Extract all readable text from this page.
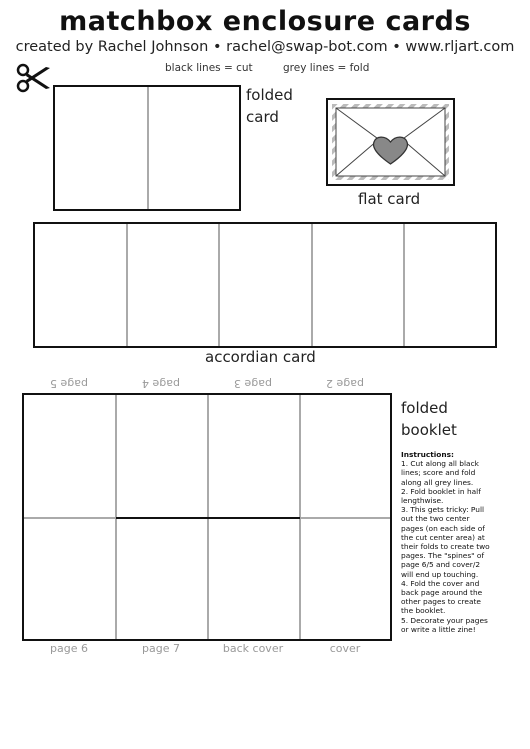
matchbox enclosure cards
created by Rachel Johnson • rachel@swap-bot.com • www.rljart.com
black lines = cut	grey lines = fold
folded
card
flat card
accordian card
page 5	page 4	page 3	page 2
page 6	page 7	back cover	cover
folded
booklet
Instructions:
1. Cut along all black lines; score and fold along all grey lines.
2. Fold booklet in half lengthwise.
3. This gets tricky: Pull out the two center pages (on each side of the cut center area) at their folds to create two pages. The "spines" of page 6/5 and cover/2 will end up touching.
4. Fold the cover and back page around the other pages to create the booklet.
5. Decorate your pages or write a little zine!
